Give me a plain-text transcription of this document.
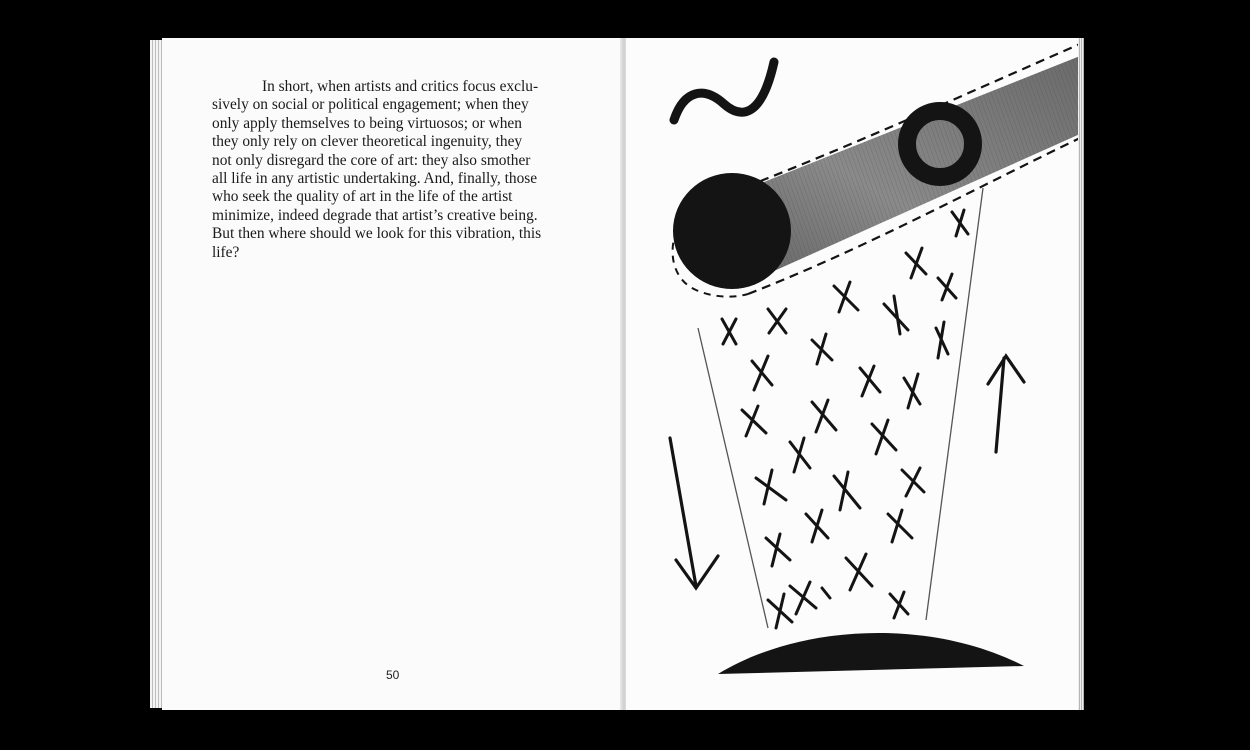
In short, when artists and critics focus exclu-
sively on social or political engagement; when they
only apply themselves to being virtuosos; or when
they only rely on clever theoretical ingenuity, they
not only disregard the core of art: they also smother
all life in any artistic undertaking. And, finally, those
who seek the quality of art in the life of the artist
minimize, indeed degrade that artist’s creative being.
But then where should we look for this vibration, this
life?

50
